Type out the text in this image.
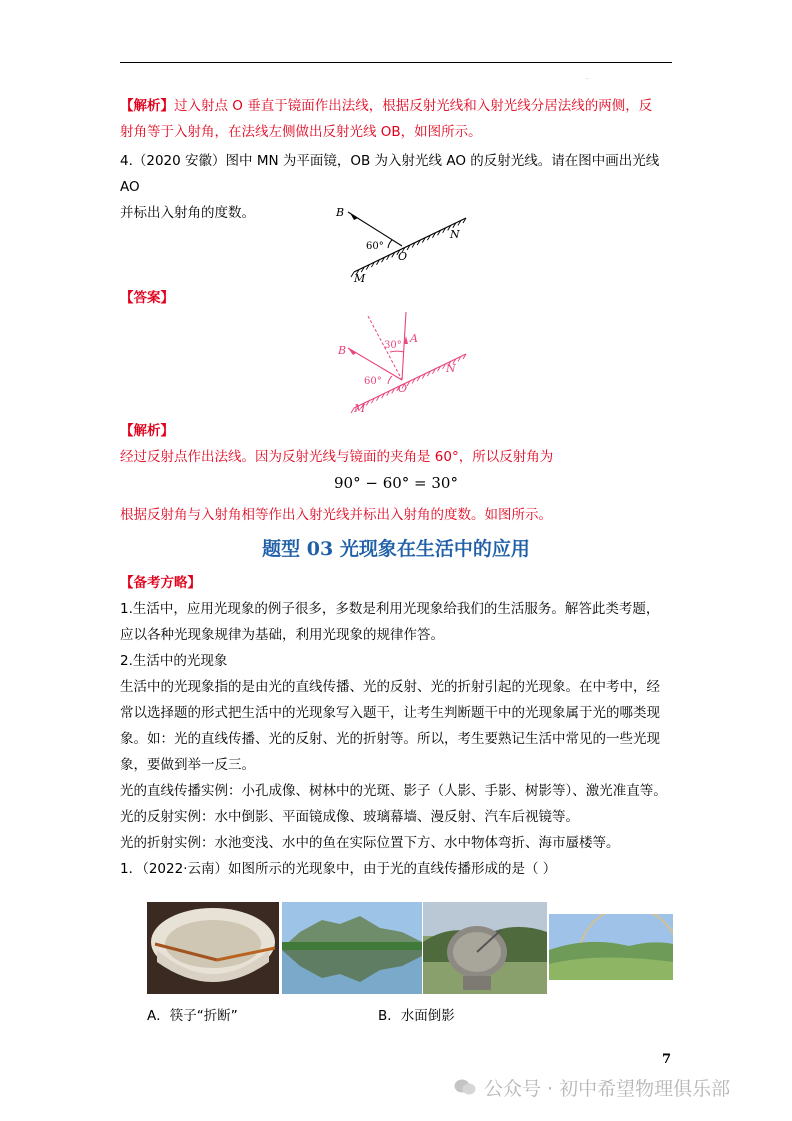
.
【解析】过入射点 O 垂直于镜面作出法线，根据反射光线和入射光线分居法线的两侧，反
射角等于入射角，在法线左侧做出反射光线 OB，如图所示。
4.（2020 安徽）图中 MN 为平面镜，OB 为入射光线 AO 的反射光线。请在图中画出光线 AO
并标出入射角的度数。	B
N
M
O
60°
【答案】
B
A
N
M
O
60°
30°
【解析】
经过反射点作出法线。因为反射光线与镜面的夹角是 60°，所以反射角为
90° − 60° = 30°
根据反射角与入射角相等作出入射光线并标出入射角的度数。如图所示。
题型 03 光现象在生活中的应用
【备考方略】
1.生活中，应用光现象的例子很多，多数是利用光现象给我们的生活服务。解答此类考题，
应以各种光现象规律为基础，利用光现象的规律作答。
2.生活中的光现象
生活中的光现象指的是由光的直线传播、光的反射、光的折射引起的光现象。在中考中，经
常以选择题的形式把生活中的光现象写入题干，让考生判断题干中的光现象属于光的哪类现
象。如：光的直线传播、光的反射、光的折射等。所以，考生要熟记生活中常见的一些光现
象，要做到举一反三。
光的直线传播实例：小孔成像、树林中的光斑、影子（人影、手影、树影等）、激光准直等。
光的反射实例：水中倒影、平面镜成像、玻璃幕墙、漫反射、汽车后视镜等。
光的折射实例：水池变浅、水中的鱼在实际位置下方、水中物体弯折、海市蜃楼等。
1．（2022·云南）如图所示的光现象中，由于光的直线传播形成的是（ ）
A．筷子“折断”	B．水面倒影
7
公众号 · 初中希望物理俱乐部
